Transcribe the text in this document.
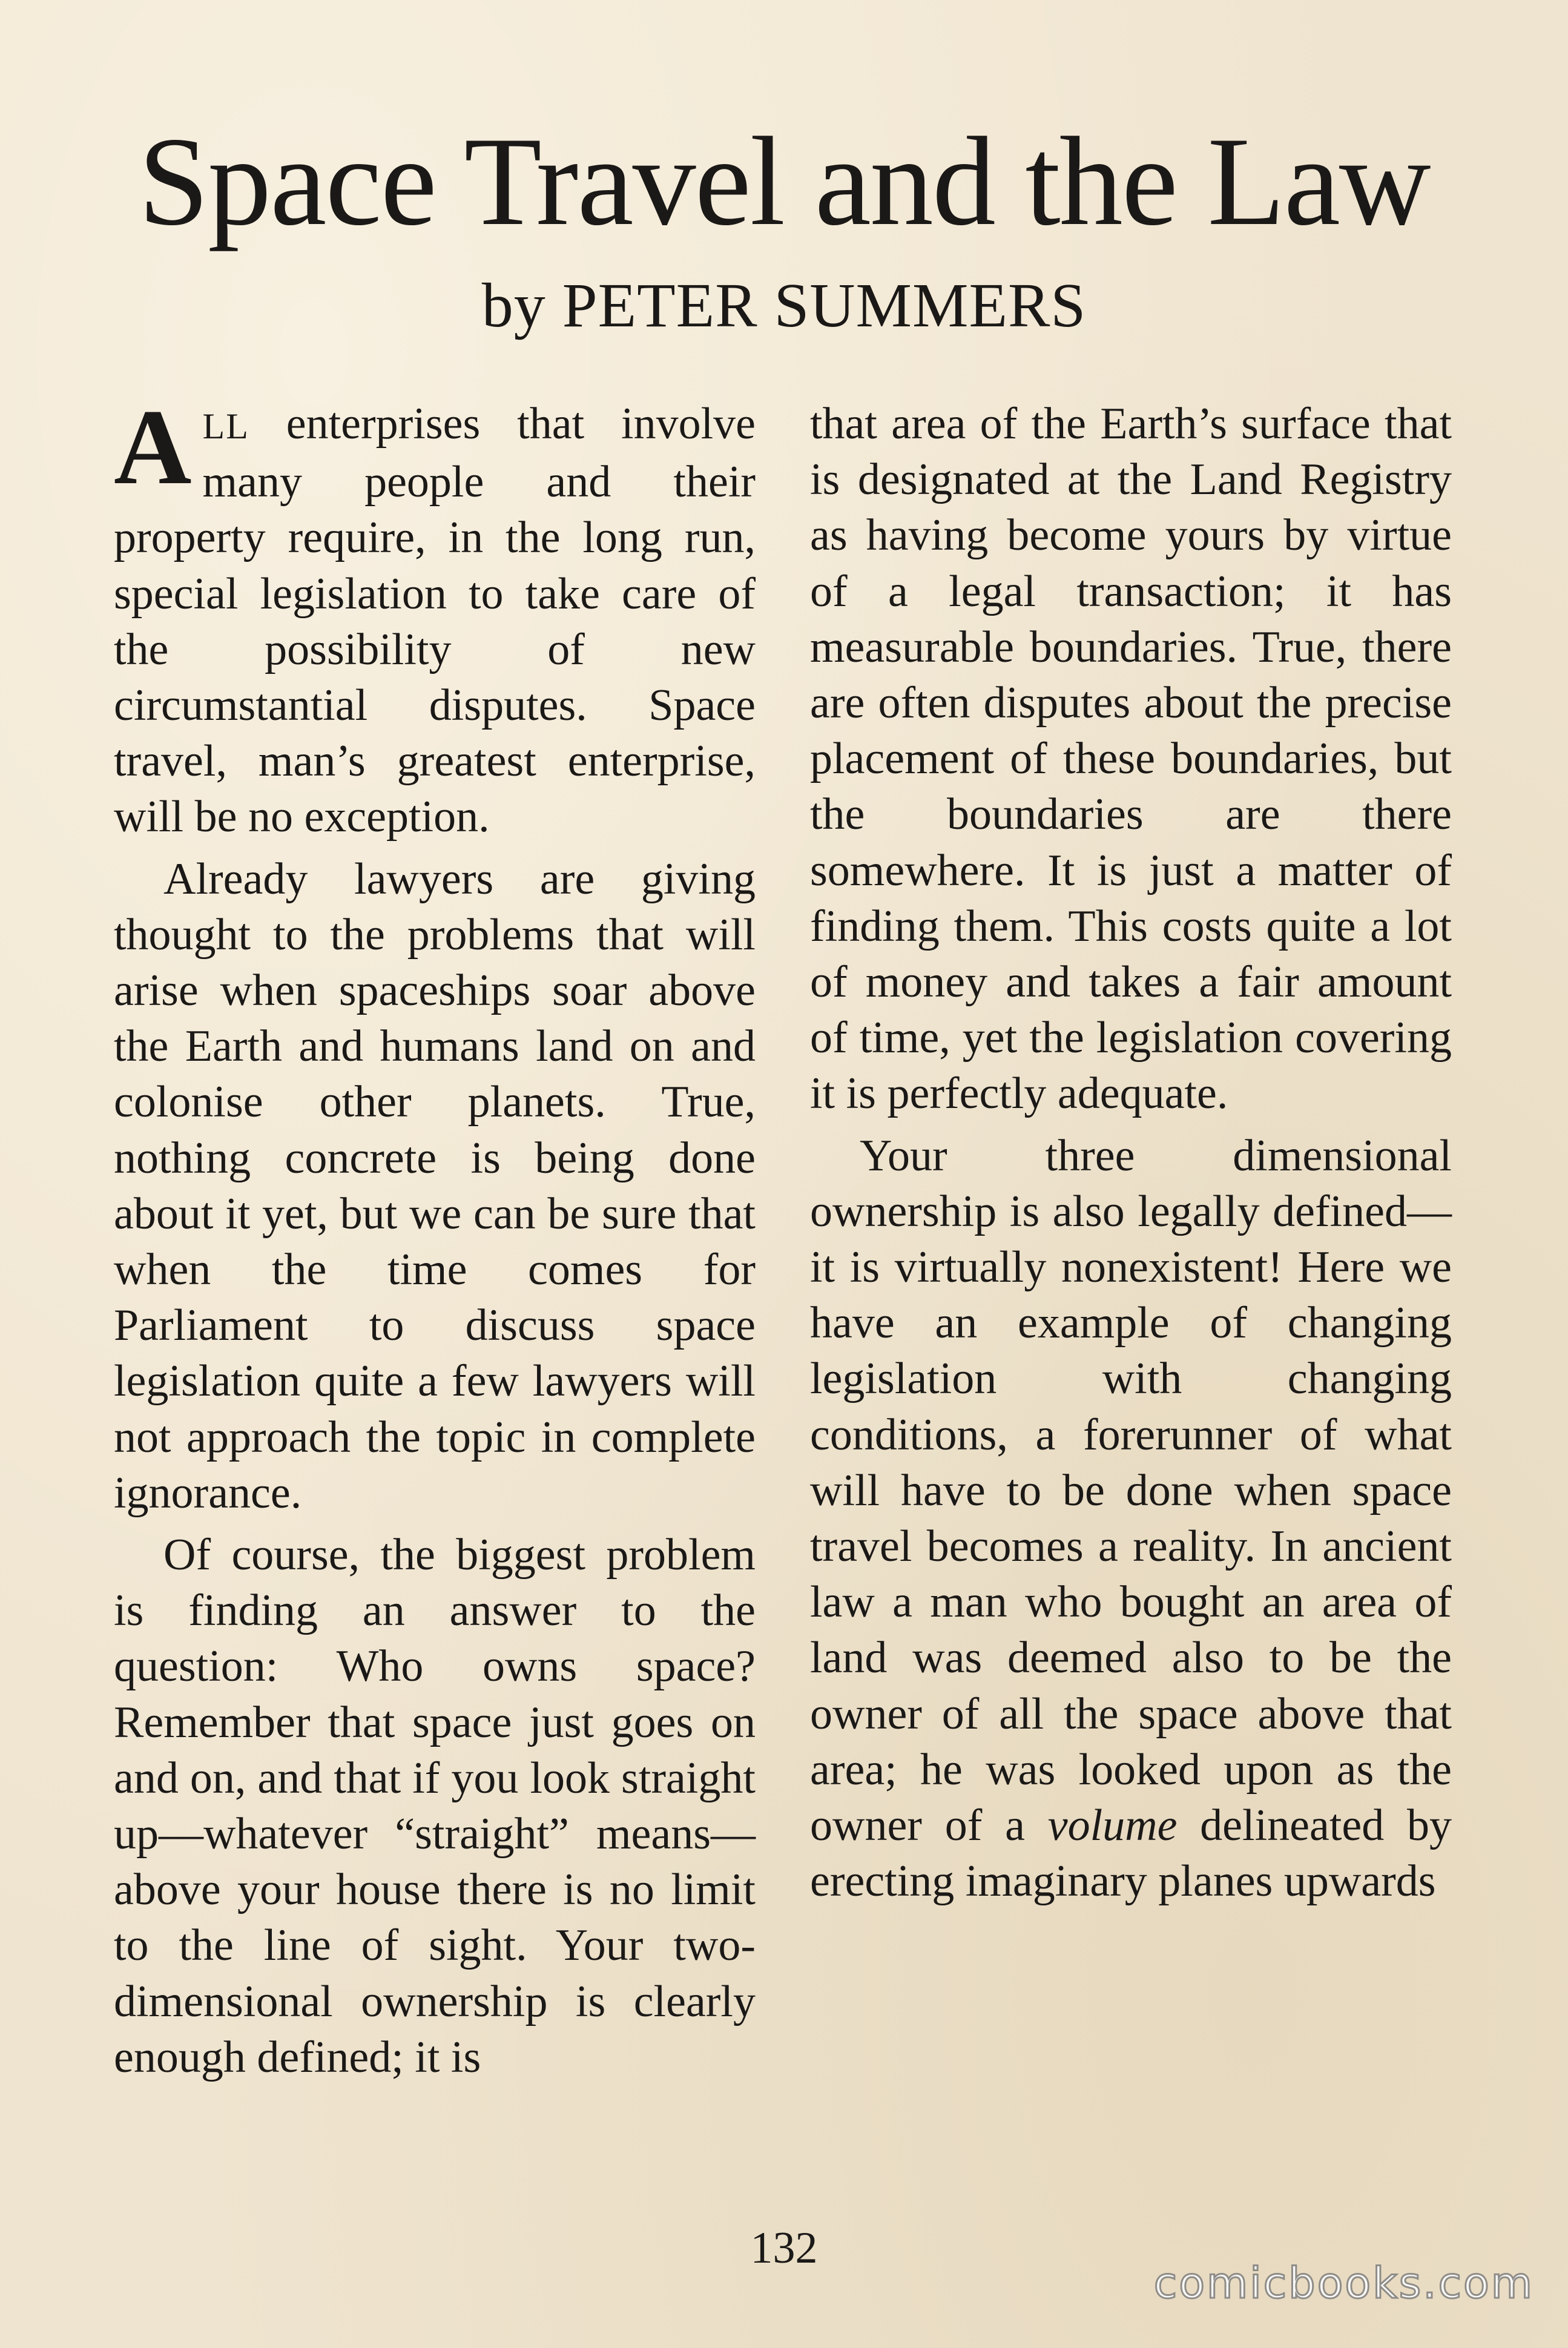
Space Travel and the Law
by PETER SUMMERS

ALL enterprises that involve many people and their property require, in the long run, special legislation to take care of the possibility of new circumstantial disputes. Space travel, man’s greatest enterprise, will be no exception.

Already lawyers are giving thought to the problems that will arise when spaceships soar above the Earth and humans land on and colonise other planets. True, nothing concrete is being done about it yet, but we can be sure that when the time comes for Parliament to discuss space legislation quite a few lawyers will not approach the topic in complete ignorance.

Of course, the biggest problem is finding an answer to the question: Who owns space? Remember that space just goes on and on, and that if you look straight up—whatever “straight” means—above your house there is no limit to the line of sight. Your two-dimensional ownership is clearly enough defined; it is

that area of the Earth’s surface that is designated at the Land Registry as having become yours by virtue of a legal transaction; it has measurable boundaries. True, there are often disputes about the precise placement of these boundaries, but the boundaries are there somewhere. It is just a matter of finding them. This costs quite a lot of money and takes a fair amount of time, yet the legislation covering it is perfectly adequate.

Your three dimensional ownership is also legally defined—it is virtually nonexistent! Here we have an example of changing legislation with changing conditions, a forerunner of what will have to be done when space travel becomes a reality. In ancient law a man who bought an area of land was deemed also to be the owner of all the space above that area; he was looked upon as the owner of a volume delineated by erecting imaginary planes upwards

132
comicbooks.com
